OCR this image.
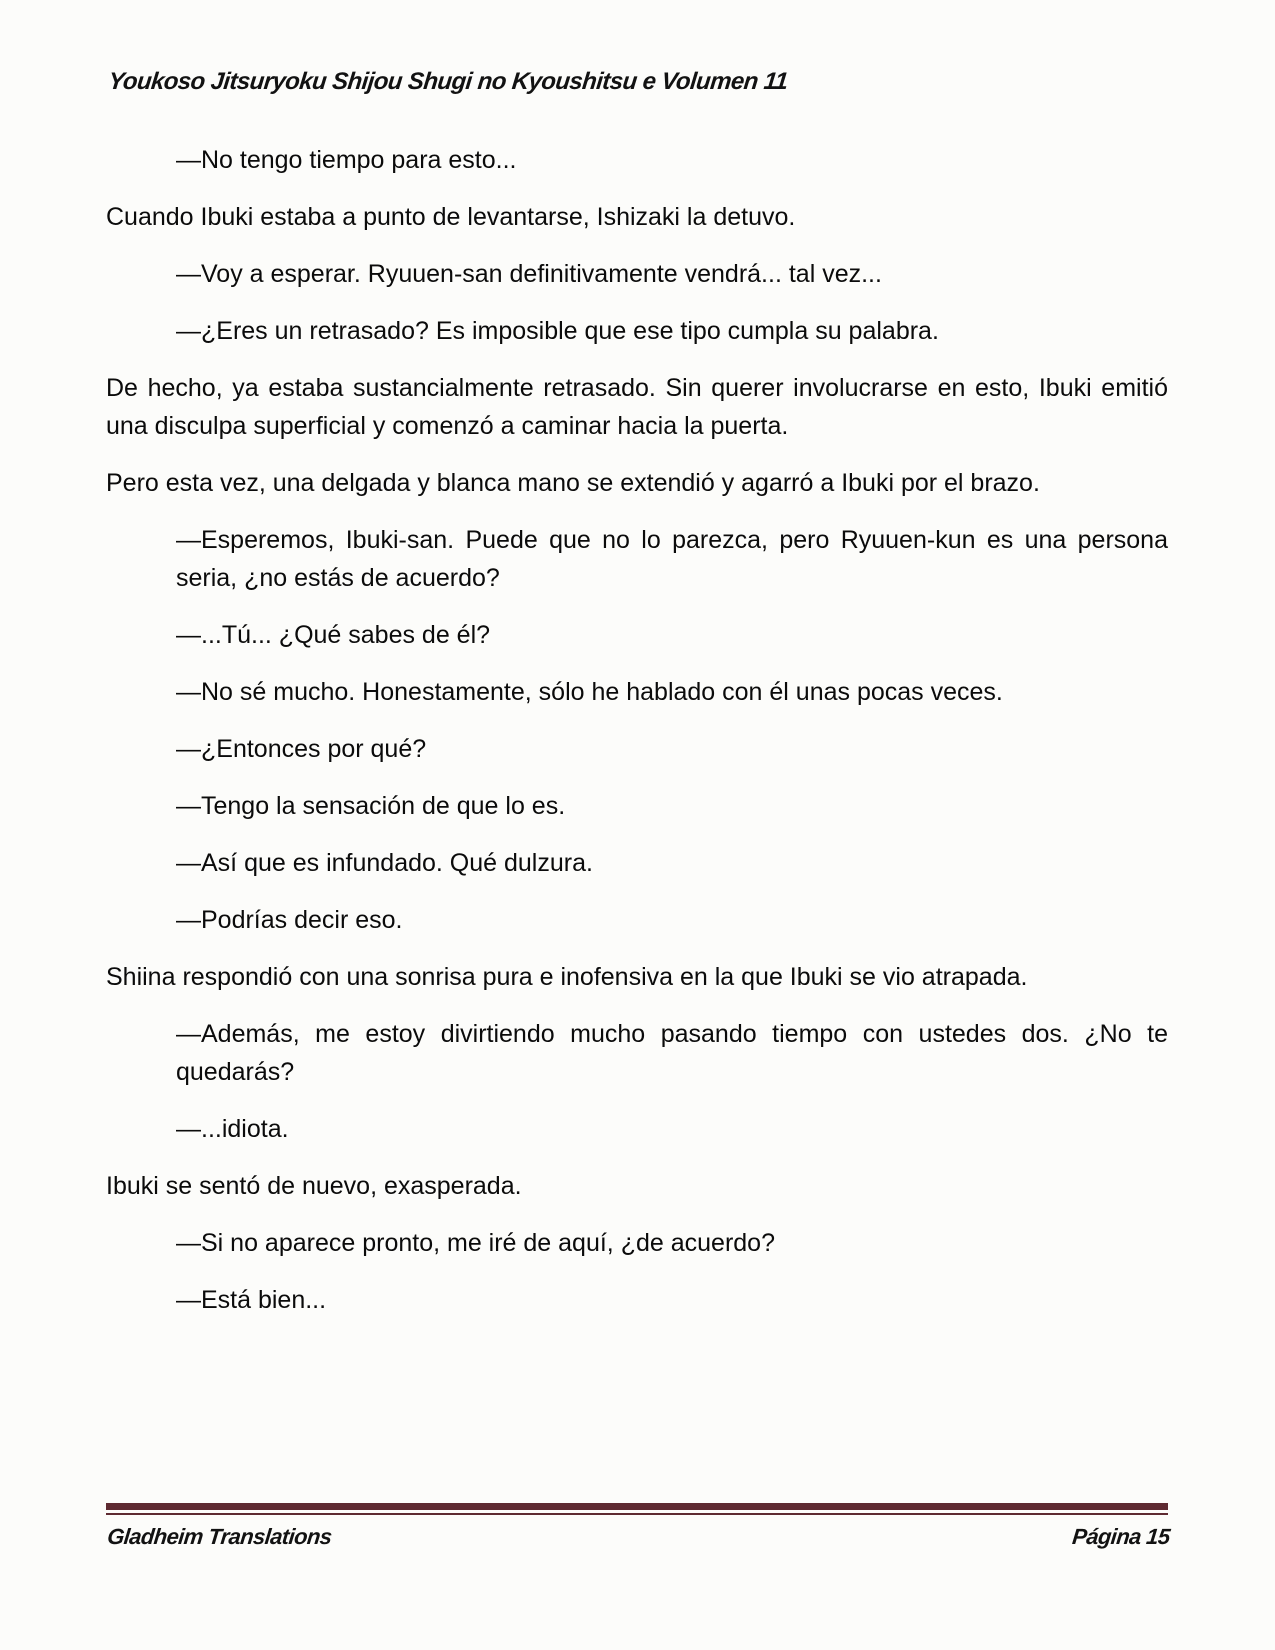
Youkoso Jitsuryoku Shijou Shugi no Kyoushitsu e Volumen 11

—No tengo tiempo para esto...

Cuando Ibuki estaba a punto de levantarse, Ishizaki la detuvo.

—Voy a esperar. Ryuuen-san definitivamente vendrá... tal vez...

—¿Eres un retrasado? Es imposible que ese tipo cumpla su palabra.

De hecho, ya estaba sustancialmente retrasado. Sin querer involucrarse en esto, Ibuki emitió una disculpa superficial y comenzó a caminar hacia la puerta.

Pero esta vez, una delgada y blanca mano se extendió y agarró a Ibuki por el brazo.

—Esperemos, Ibuki-san. Puede que no lo parezca, pero Ryuuen-kun es una persona seria, ¿no estás de acuerdo?

—...Tú... ¿Qué sabes de él?

—No sé mucho. Honestamente, sólo he hablado con él unas pocas veces.

—¿Entonces por qué?

—Tengo la sensación de que lo es.

—Así que es infundado. Qué dulzura.

—Podrías decir eso.

Shiina respondió con una sonrisa pura e inofensiva en la que Ibuki se vio atrapada.

—Además, me estoy divirtiendo mucho pasando tiempo con ustedes dos. ¿No te quedarás?

—...idiota.

Ibuki se sentó de nuevo, exasperada.

—Si no aparece pronto, me iré de aquí, ¿de acuerdo?

—Está bien...

Gladheim Translations	Página 15
